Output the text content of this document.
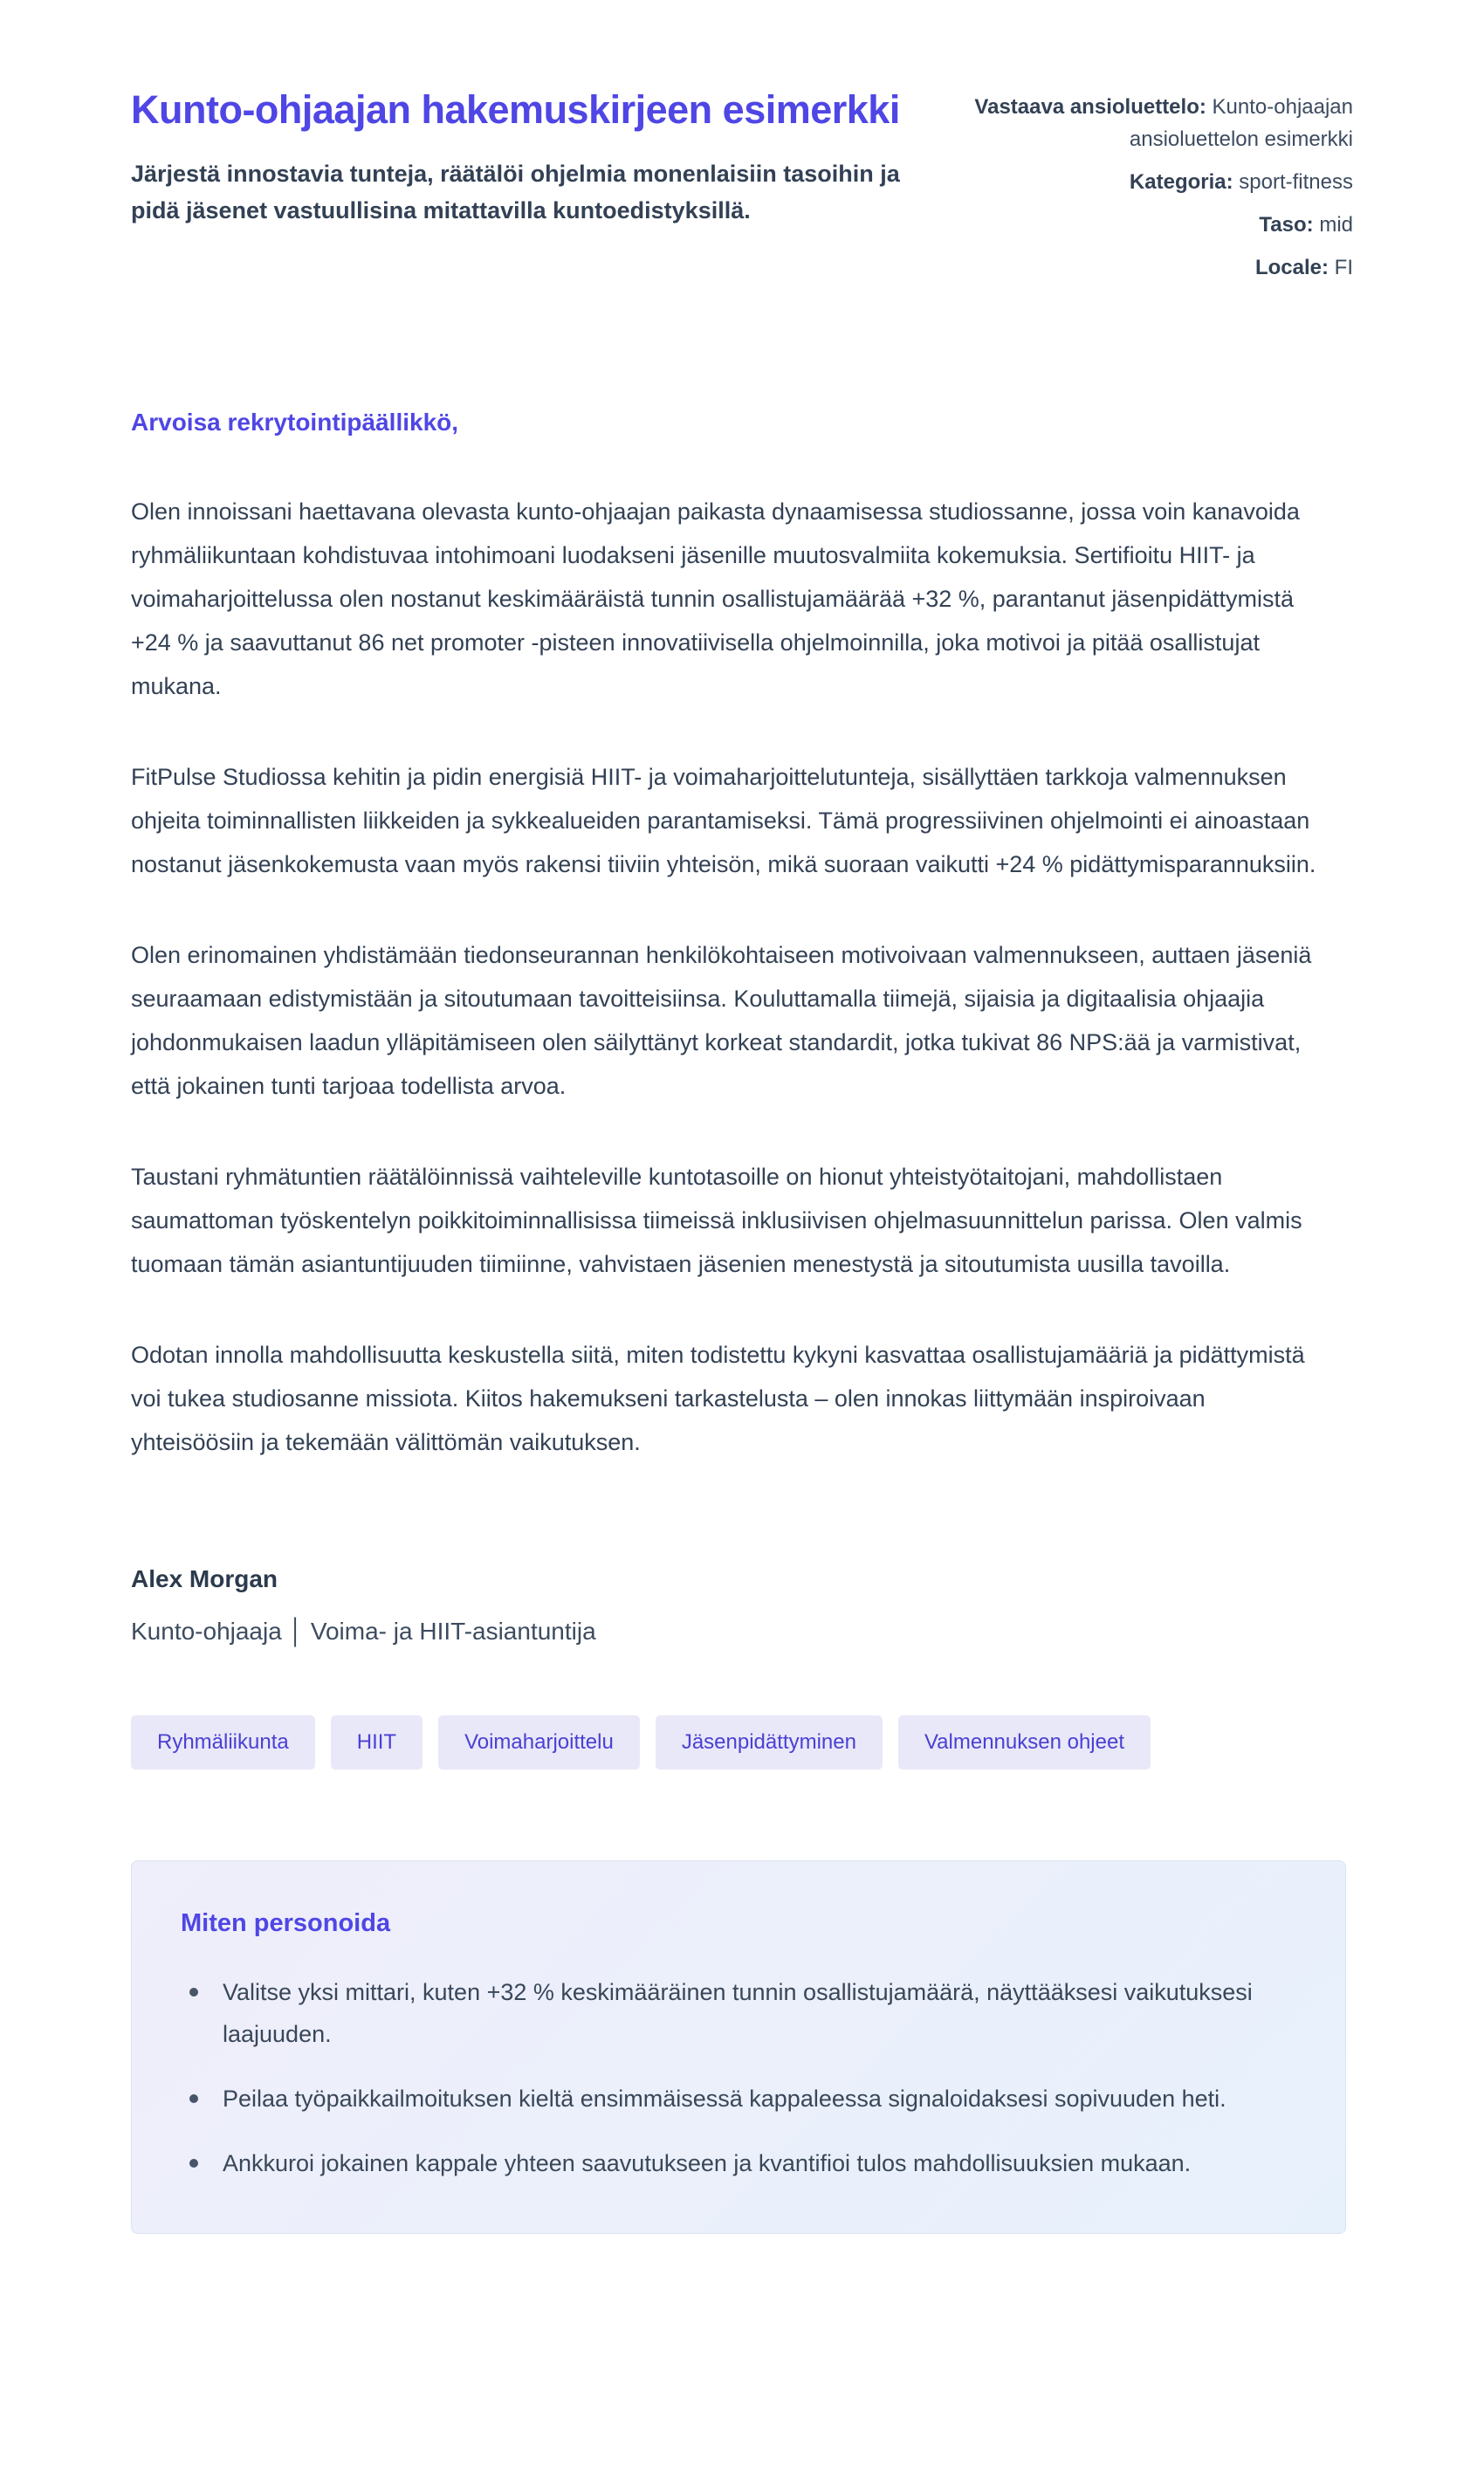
Kunto-ohjaajan hakemuskirjeen esimerkki

Järjestä innostavia tunteja, räätälöi ohjelmia monenlaisiin tasoihin ja pidä jäsenet vastuullisina mitattavilla kuntoedistyksillä.

Vastaava ansioluettelo: Kunto-ohjaajan ansioluettelon esimerkki
Kategoria: sport-fitness
Taso: mid
Locale: FI

Arvoisa rekrytointipäällikkö,

Olen innoissani haettavana olevasta kunto-ohjaajan paikasta dynaamisessa studiossanne, jossa voin kanavoida ryhmäliikuntaan kohdistuvaa intohimoani luodakseni jäsenille muutosvalmiita kokemuksia. Sertifioitu HIIT- ja voimaharjoittelussa olen nostanut keskimääräistä tunnin osallistujamäärää +32 %, parantanut jäsenpidättymistä +24 % ja saavuttanut 86 net promoter -pisteen innovatiivisella ohjelmoinnilla, joka motivoi ja pitää osallistujat mukana.

FitPulse Studiossa kehitin ja pidin energisiä HIIT- ja voimaharjoittelutunteja, sisällyttäen tarkkoja valmennuksen ohjeita toiminnallisten liikkeiden ja sykkealueiden parantamiseksi. Tämä progressiivinen ohjelmointi ei ainoastaan nostanut jäsenkokemusta vaan myös rakensi tiiviin yhteisön, mikä suoraan vaikutti +24 % pidättymisparannuksiin.

Olen erinomainen yhdistämään tiedonseurannan henkilökohtaiseen motivoivaan valmennukseen, auttaen jäseniä seuraamaan edistymistään ja sitoutumaan tavoitteisiinsa. Kouluttamalla tiimejä, sijaisia ja digitaalisia ohjaajia johdonmukaisen laadun ylläpitämiseen olen säilyttänyt korkeat standardit, jotka tukivat 86 NPS:ää ja varmistivat, että jokainen tunti tarjoaa todellista arvoa.

Taustani ryhmätuntien räätälöinnissä vaihteleville kuntotasoille on hionut yhteistyötaitojani, mahdollistaen saumattoman työskentelyn poikkitoiminnallisissa tiimeissä inklusiivisen ohjelmasuunnittelun parissa. Olen valmis tuomaan tämän asiantuntijuuden tiimiinne, vahvistaen jäsenien menestystä ja sitoutumista uusilla tavoilla.

Odotan innolla mahdollisuutta keskustella siitä, miten todistettu kykyni kasvattaa osallistujamääriä ja pidättymistä voi tukea studiosanne missiota. Kiitos hakemukseni tarkastelusta – olen innokas liittymään inspiroivaan yhteisöösiin ja tekemään välittömän vaikutuksen.

Alex Morgan

Kunto-ohjaaja │ Voima- ja HIIT-asiantuntija

Ryhmäliikunta	HIIT	Voimaharjoittelu	Jäsenpidättyminen	Valmennuksen ohjeet
Miten personoida
Valitse yksi mittari, kuten +32 % keskimääräinen tunnin osallistujamäärä, näyttääksesi vaikutuksesi laajuuden.
Peilaa työpaikkailmoituksen kieltä ensimmäisessä kappaleessa signaloidaksesi sopivuuden heti.
Ankkuroi jokainen kappale yhteen saavutukseen ja kvantifioi tulos mahdollisuuksien mukaan.
